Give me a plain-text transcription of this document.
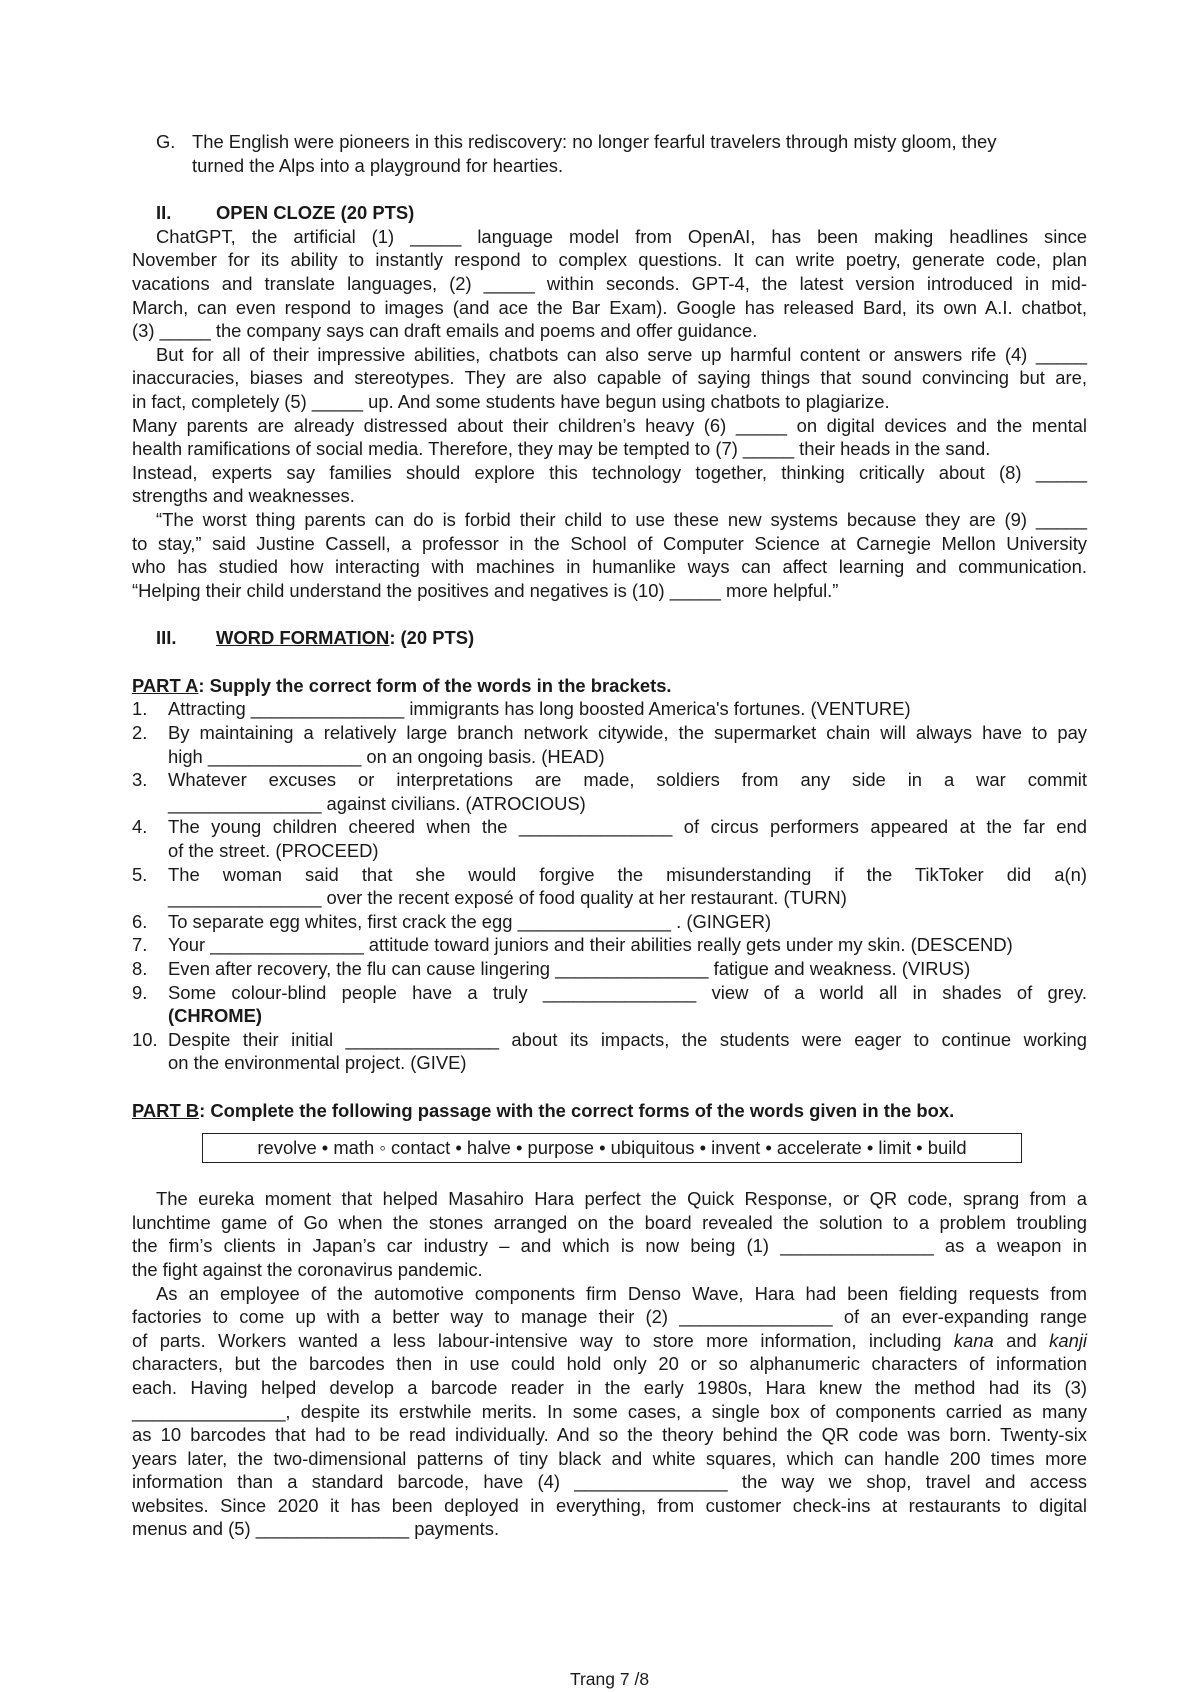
G. The English were pioneers in this rediscovery: no longer fearful travelers through misty gloom, they
turned the Alps into a playground for hearties.
II.	OPEN CLOZE (20 PTS)
ChatGPT, the artificial (1) _____ language model from OpenAI, has been making headlines since
November for its ability to instantly respond to complex questions. It can write poetry, generate code, plan
vacations and translate languages, (2) _____ within seconds. GPT-4, the latest version introduced in mid-
March, can even respond to images (and ace the Bar Exam). Google has released Bard, its own A.I. chatbot,
(3) _____ the company says can draft emails and poems and offer guidance.
But for all of their impressive abilities, chatbots can also serve up harmful content or answers rife (4) _____
inaccuracies, biases and stereotypes. They are also capable of saying things that sound convincing but are,
in fact, completely (5) _____ up. And some students have begun using chatbots to plagiarize.
Many parents are already distressed about their children’s heavy (6) _____ on digital devices and the mental
health ramifications of social media. Therefore, they may be tempted to (7) _____ their heads in the sand.
Instead, experts say families should explore this technology together, thinking critically about (8) _____
strengths and weaknesses.
“The worst thing parents can do is forbid their child to use these new systems because they are (9) _____
to stay,” said Justine Cassell, a professor in the School of Computer Science at Carnegie Mellon University
who has studied how interacting with machines in humanlike ways can affect learning and communication.
“Helping their child understand the positives and negatives is (10) _____ more helpful.”
III.	WORD FORMATION: (20 PTS)
PART A: Supply the correct form of the words in the brackets.
1.	Attracting _______________ immigrants has long boosted America's fortunes. (VENTURE)
2.	By maintaining a relatively large branch network citywide, the supermarket chain will always have to pay
high _______________ on an ongoing basis. (HEAD)
3.	Whatever excuses or interpretations are made, soldiers from any side in a war commit
_______________ against civilians. (ATROCIOUS)
4.	The young children cheered when the _______________ of circus performers appeared at the far end
of the street. (PROCEED)
5.	The woman said that she would forgive the misunderstanding if the TikToker did a(n)
_______________ over the recent exposé of food quality at her restaurant. (TURN)
6.	To separate egg whites, first crack the egg _______________ . (GINGER)
7.	Your _______________ attitude toward juniors and their abilities really gets under my skin. (DESCEND)
8.	Even after recovery, the flu can cause lingering _______________ fatigue and weakness. (VIRUS)
9.	Some colour-blind people have a truly _______________ view of a world all in shades of grey.
(CHROME)
10. Despite their initial _______________ about its impacts, the students were eager to continue working
on the environmental project. (GIVE)
PART B: Complete the following passage with the correct forms of the words given in the box.
revolve • math ◦ contact • halve • purpose • ubiquitous • invent • accelerate • limit • build
The eureka moment that helped Masahiro Hara perfect the Quick Response, or QR code, sprang from a
lunchtime game of Go when the stones arranged on the board revealed the solution to a problem troubling
the firm’s clients in Japan’s car industry – and which is now being (1) _______________ as a weapon in
the fight against the coronavirus pandemic.
As an employee of the automotive components firm Denso Wave, Hara had been fielding requests from
factories to come up with a better way to manage their (2) _______________ of an ever-expanding range
of parts. Workers wanted a less labour-intensive way to store more information, including kana and kanji
characters, but the barcodes then in use could hold only 20 or so alphanumeric characters of information
each. Having helped develop a barcode reader in the early 1980s, Hara knew the method had its (3)
_______________, despite its erstwhile merits. In some cases, a single box of components carried as many
as 10 barcodes that had to be read individually. And so the theory behind the QR code was born. Twenty-six
years later, the two-dimensional patterns of tiny black and white squares, which can handle 200 times more
information than a standard barcode, have (4) _______________ the way we shop, travel and access
websites. Since 2020 it has been deployed in everything, from customer check-ins at restaurants to digital
menus and (5) _______________ payments.
Trang 7 /8
